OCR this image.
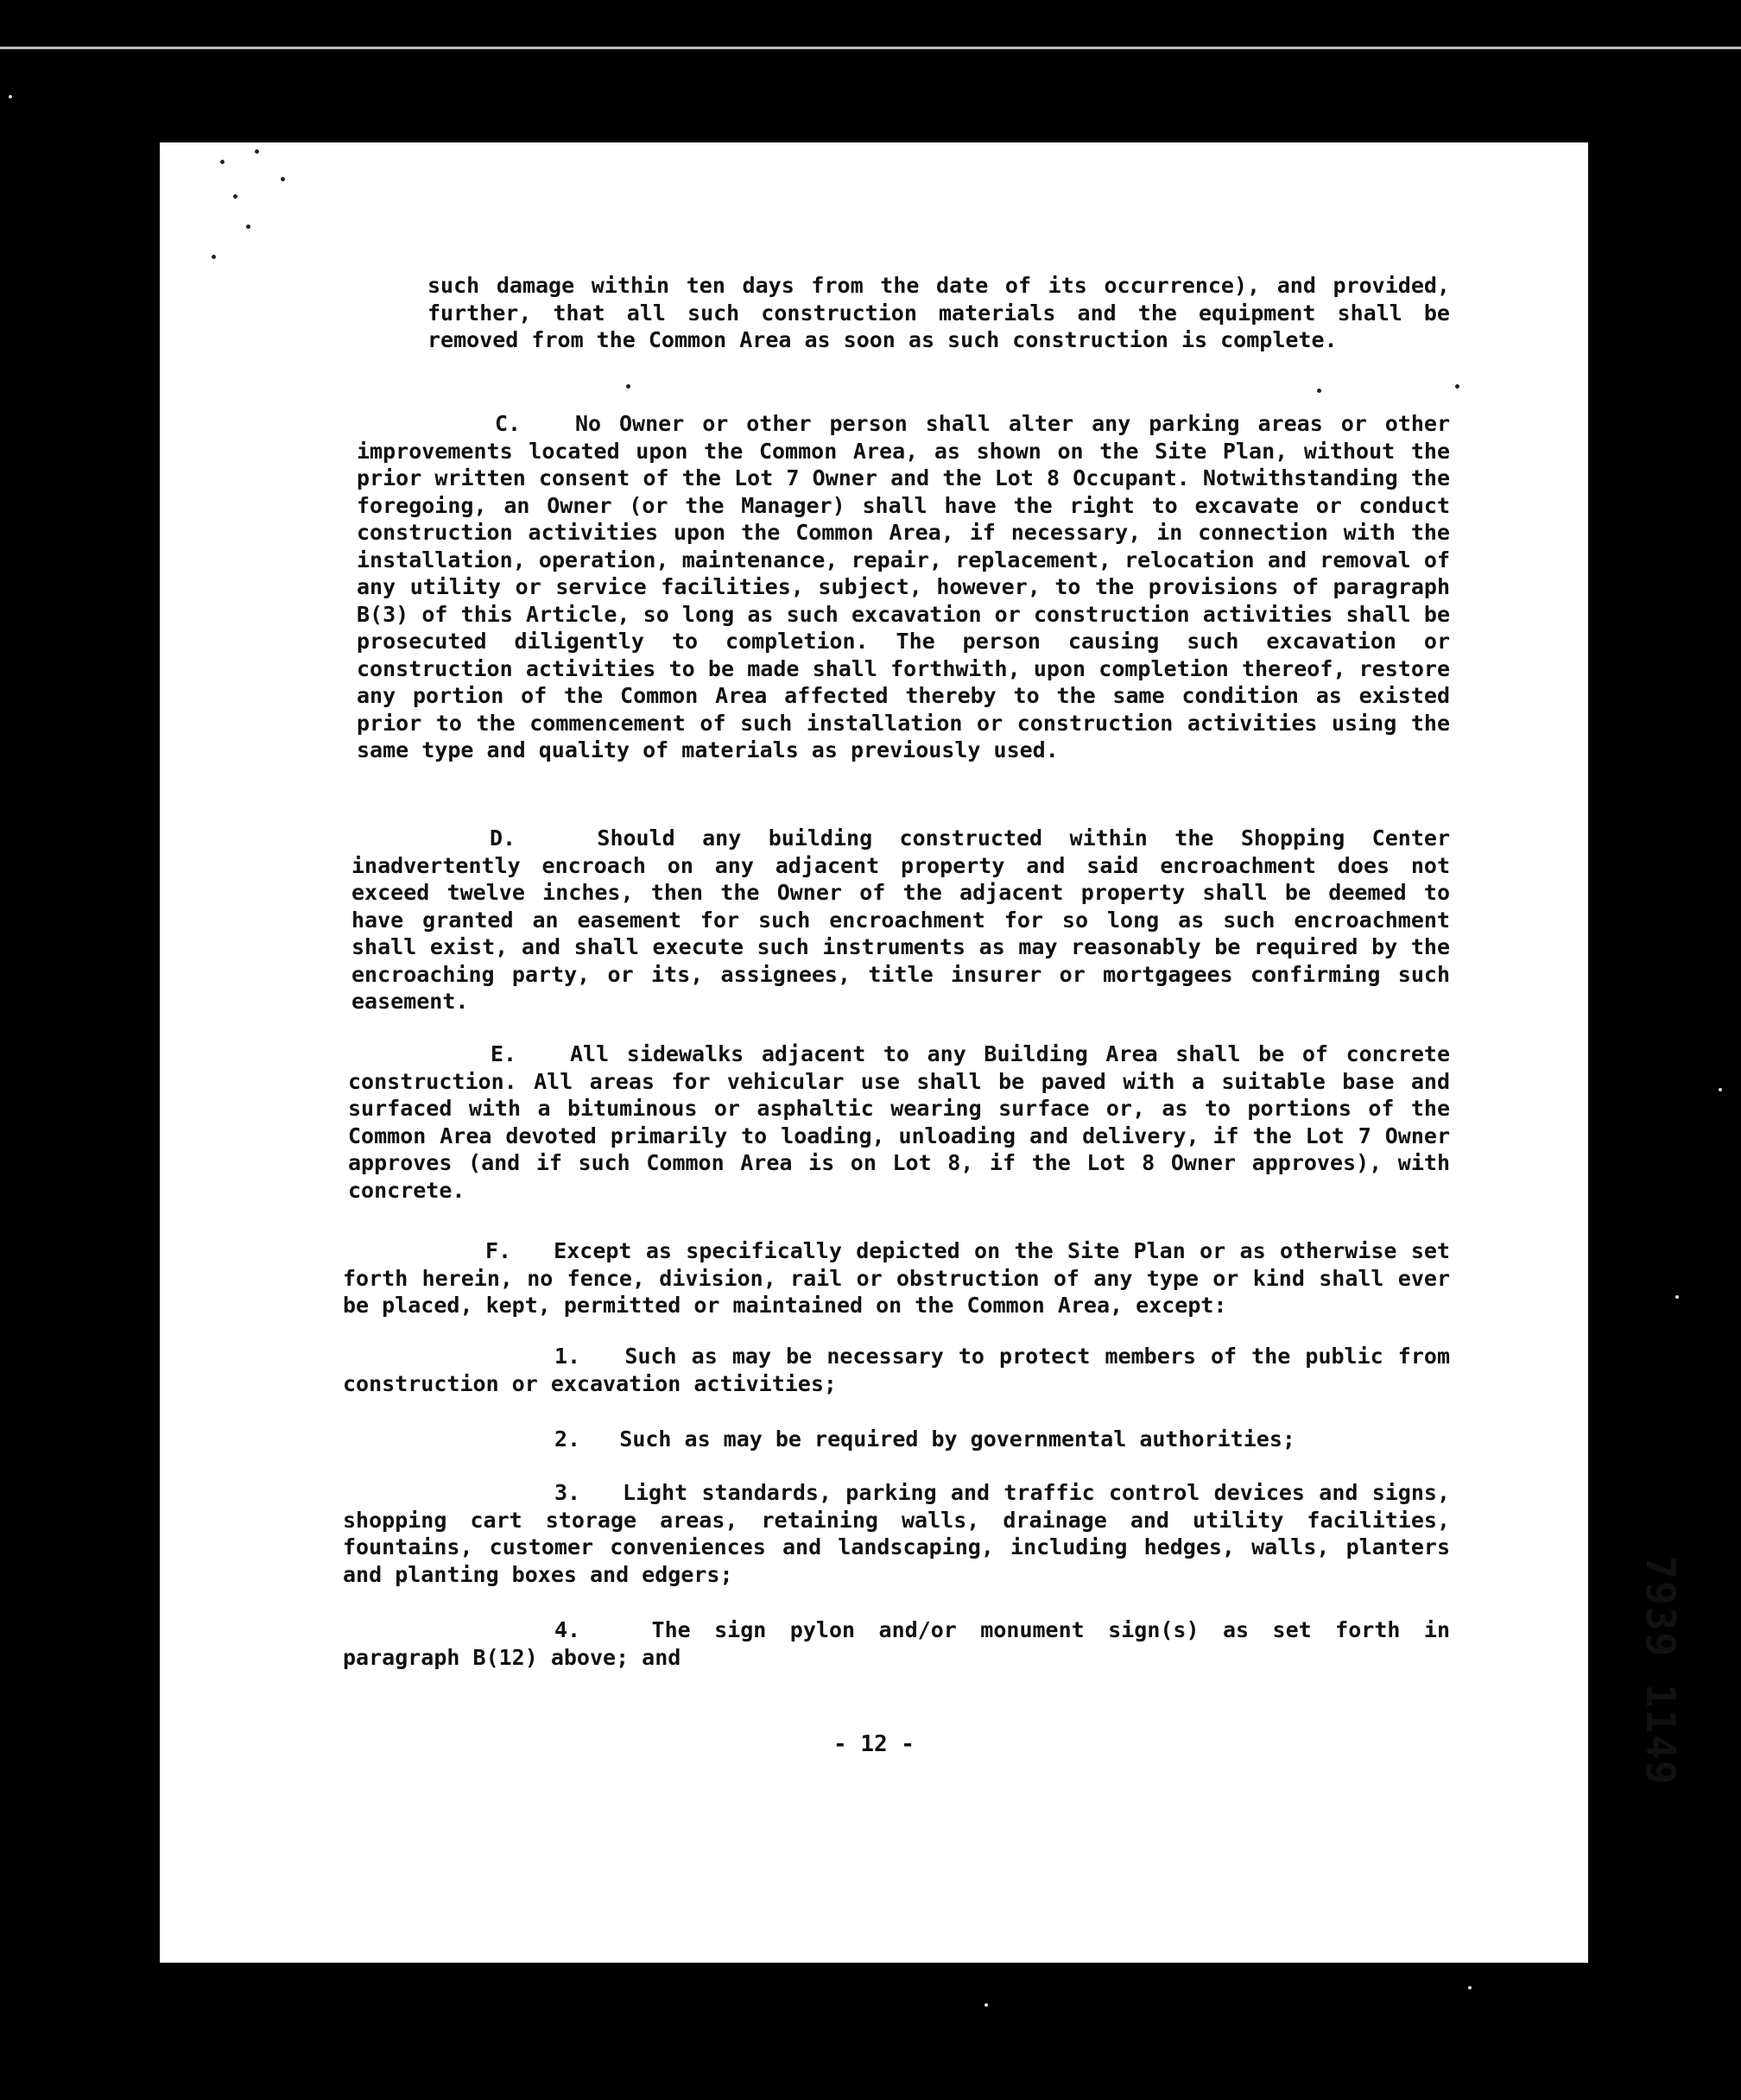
such damage within ten days from the date of its occurrence), and provided, further, that all such construction materials and the equipment shall be removed from the Common Area as soon as such construction is complete.

C.	No Owner or other person shall alter any parking areas or other improvements located upon the Common Area, as shown on the Site Plan, without the prior written consent of the Lot 7 Owner and the Lot 8 Occupant. Notwithstanding the foregoing, an Owner (or the Manager) shall have the right to excavate or conduct construction activities upon the Common Area, if necessary, in connection with the installation, operation, maintenance, repair, replacement, relocation and removal of any utility or service facilities, subject, however, to the provisions of paragraph B(3) of this Article, so long as such excavation or construction activities shall be prosecuted diligently to completion. The person causing such excavation or construction activities to be made shall forthwith, upon completion thereof, restore any portion of the Common Area affected thereby to the same condition as existed prior to the commencement of such installation or construction activities using the same type and quality of materials as previously used.

D.	Should any building constructed within the Shopping Center inadvertently encroach on any adjacent property and said encroachment does not exceed twelve inches, then the Owner of the adjacent property shall be deemed to have granted an easement for such encroachment for so long as such encroachment shall exist, and shall execute such instruments as may reasonably be required by the encroaching party, or its, assignees, title insurer or mortgagees confirming such easement.

E. All sidewalks adjacent to any Building Area shall be of concrete construction. All areas for vehicular use shall be paved with a suitable base and surfaced with a bituminous or asphaltic wearing surface or, as to portions of the Common Area devoted primarily to loading, unloading and delivery, if the Lot 7 Owner approves (and if such Common Area is on Lot 8, if the Lot 8 Owner approves), with concrete.

F. Except as specifically depicted on the Site Plan or as otherwise set forth herein, no fence, division, rail or obstruction of any type or kind shall ever be placed, kept, permitted or maintained on the Common Area, except:

1. Such as may be necessary to protect members of the public from construction or excavation activities;

2. Such as may be required by governmental authorities;

3. Light standards, parking and traffic control devices and signs, shopping cart storage areas, retaining walls, drainage and utility facilities, fountains, customer conveniences and landscaping, including hedges, walls, planters and planting boxes and edgers;

4.	The sign pylon and/or monument sign(s) as set forth in paragraph B(12) above; and

- 12 -	7939 1149
